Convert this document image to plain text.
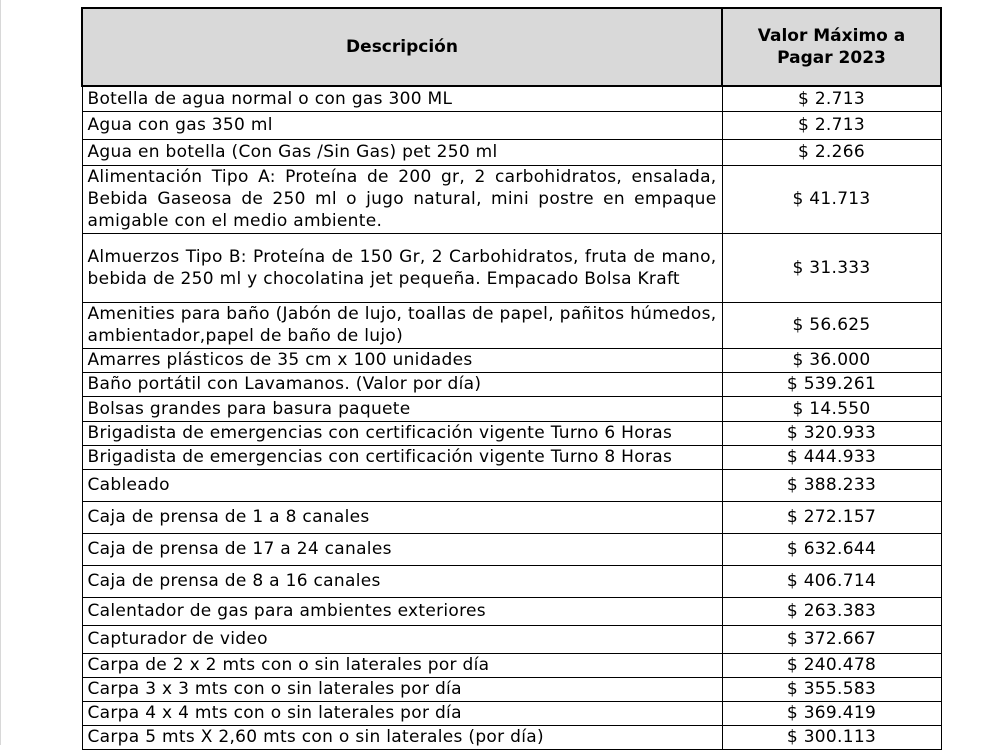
Descripción	Valor Máximo a Pagar 2023
Botella de agua normal o con gas 300 ML	$ 2.713
Agua con gas 350 ml	$ 2.713
Agua en botella (Con Gas /Sin Gas) pet 250 ml	$ 2.266
Alimentación Tipo A: Proteína de 200 gr, 2 carbohidratos, ensalada, Bebida Gaseosa de 250 ml o jugo natural, mini postre en empaque amigable con el medio ambiente.	$ 41.713
Almuerzos Tipo B: Proteína de 150 Gr, 2 Carbohidratos, fruta de mano, bebida de 250 ml y chocolatina jet pequeña. Empacado Bolsa Kraft	$ 31.333
Amenities para baño (Jabón de lujo, toallas de papel, pañitos húmedos, ambientador,papel de baño de lujo)	$ 56.625
Amarres plásticos de 35 cm x 100 unidades	$ 36.000
Baño portátil con Lavamanos. (Valor por día)	$ 539.261
Bolsas grandes para basura paquete	$ 14.550
Brigadista de emergencias con certificación vigente Turno 6 Horas	$ 320.933
Brigadista de emergencias con certificación vigente Turno 8 Horas	$ 444.933
Cableado	$ 388.233
Caja de prensa de 1 a 8 canales	$ 272.157
Caja de prensa de 17 a 24 canales	$ 632.644
Caja de prensa de 8 a 16 canales	$ 406.714
Calentador de gas para ambientes exteriores	$ 263.383
Capturador de video	$ 372.667
Carpa de 2 x 2 mts con o sin laterales por día	$ 240.478
Carpa 3 x 3 mts con o sin laterales por día	$ 355.583
Carpa 4 x 4 mts con o sin laterales por día	$ 369.419
Carpa 5 mts X 2,60 mts con o sin laterales (por día)	$ 300.113
